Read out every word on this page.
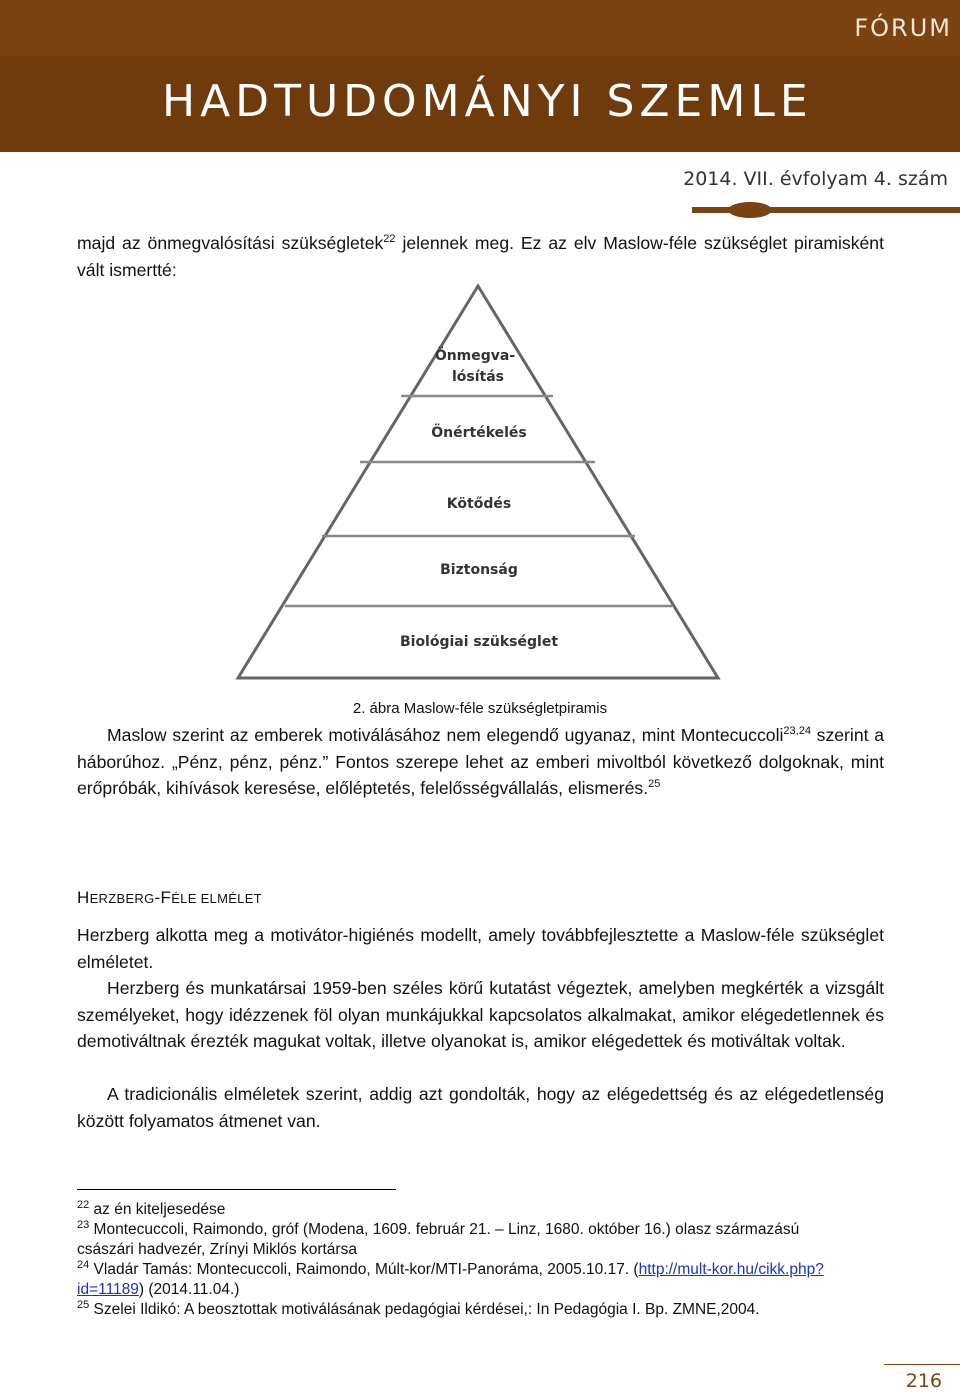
FÓRUM
HADTUDOMÁNYI SZEMLE
2014. VII. évfolyam 4. szám

majd az önmegvalósítási szükségletek$^{22}$ jelennek meg. Ez az elv Maslow-féle szükséglet piramisként vált ismertté:

Önmegva-
lósítás
Önértékelés
Kötődés
Biztonság
Biológiai szükséglet
2. ábra Maslow-féle szükségletpiramis

Maslow szerint az emberek motiválásához nem elegendő ugyanaz, mint Montecuccoli$^{23,24}$ szerint a háborúhoz. „Pénz, pénz, pénz.” Fontos szerepe lehet az emberi mivoltból következő dolgoknak, mint erőpróbák, kihívások keresése, előléptetés, felelősségvállalás, elismerés.$^{25}$

HERZBERG-FÉLE ELMÉLET

Herzberg alkotta meg a motivátor-higiénés modellt, amely továbbfejlesztette a Maslow-féle szükséglet elméletet.

Herzberg és munkatársai 1959-ben széles körű kutatást végeztek, amelyben megkérték a vizsgált személyeket, hogy idézzenek föl olyan munkájukkal kapcsolatos alkalmakat, amikor elégedetlennek és demotiváltnak érezték magukat voltak, illetve olyanokat is, amikor elégedettek és motiváltak voltak.

A tradicionális elméletek szerint, addig azt gondolták, hogy az elégedettség és az elégedetlenség között folyamatos átmenet van.

$^{22}$ az én kiteljesedése
$^{23}$ Montecuccoli, Raimondo, gróf (Modena, 1609. február 21. – Linz, 1680. október 16.) olasz származású császári hadvezér, Zrínyi Miklós kortársa
$^{24}$ Vladár Tamás: Montecuccoli, Raimondo, Múlt-kor/MTI-Panoráma, 2005.10.17. (http://mult-kor.hu/cikk.php?id=11189) (2014.11.04.)
$^{25}$ Szelei Ildikó: A beosztottak motiválásának pedagógiai kérdései,: In Pedagógia I. Bp. ZMNE,2004.
216
